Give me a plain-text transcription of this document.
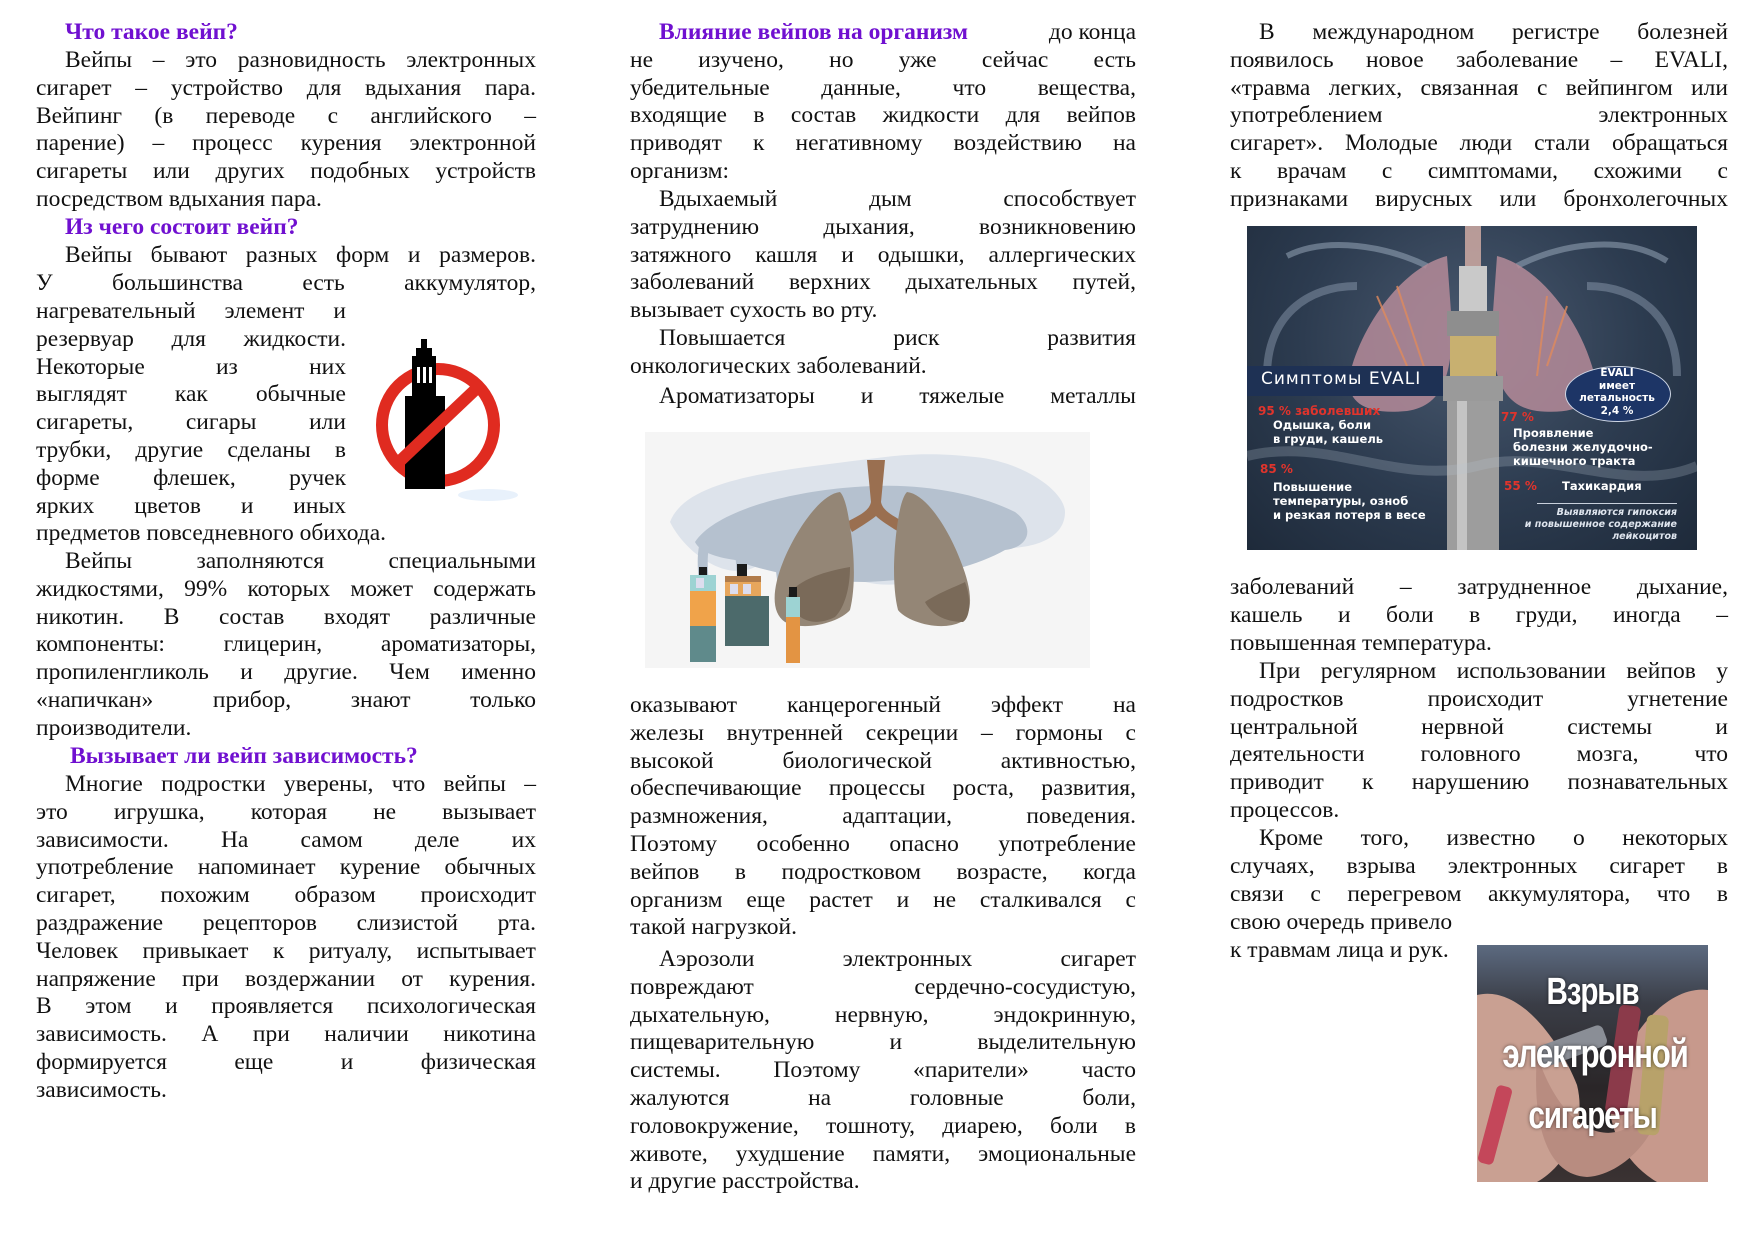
Что такое вейп?
Вейпы – это разновидность электронных
сигарет – устройство для вдыхания пара.
Вейпинг (в переводе с английского –
парение) – процесс курения электронной
сигареты или других подобных устройств
посредством вдыхания пара.
Из чего состоит вейп?
Вейпы бывают разных форм и размеров.
У	большинства	есть	аккумулятор,
нагревательный элемент и
резервуар для жидкости.
Некоторые	из	них
выглядят как обычные
сигареты, сигары или
трубки, другие сделаны в
форме флешек, ручек
ярких цветов и иных
предметов повседневного обихода.
Вейпы	заполняются	специальными
жидкостями, 99% которых может содержать
никотин. В состав входят различные
компоненты: глицерин, ароматизаторы,
пропиленгликоль и другие. Чем именно
«напичкан»	прибор,	знают	только
производители.
Вызывает ли вейп зависимость?
Многие подростки уверены, что вейпы –
это игрушка, которая не вызывает
зависимости. На самом деле их
употребление напоминает курение обычных
сигарет, похожим образом происходит
раздражение рецепторов слизистой рта.
Человек привыкает к ритуалу, испытывает
напряжение при воздержании от курения.
В этом и проявляется психологическая
зависимость. А при наличии никотина
формируется	еще	и	физическая
зависимость.
Влияние вейпов на организм	до конца
не изучено, но уже сейчас есть
убедительные данные, что вещества,
входящие в состав жидкости для вейпов
приводят к негативному воздействию на
организм:
Вдыхаемый	дым	способствует
затруднению	дыхания,	возникновению
затяжного кашля и одышки, аллергических
заболеваний верхних дыхательных путей,
вызывает сухость во рту.
Повышается	риск	развития
онкологических заболеваний.
Ароматизаторы и тяжелые металлы
оказывают канцерогенный эффект на
железы внутренней секреции – гормоны с
высокой	биологической	активностью,
обеспечивающие процессы роста, развития,
размножения,	адаптации,	поведения.
Поэтому особенно опасно употребление
вейпов в подростковом возрасте, когда
организм еще растет и не сталкивался с
такой нагрузкой.
Аэрозоли	электронных	сигарет
повреждают	сердечно-сосудистую,
дыхательную,	нервную,	эндокринную,
пищеварительную	и	выделительную
системы. Поэтому «парители» часто
жалуются	на	головные	боли,
головокружение, тошноту, диарею, боли в
животе, ухудшение памяти, эмоциональные
и другие расстройства.
В международном регистре болезней
появилось новое заболевание – EVALI,
«травма легких, связанная с вейпингом или
употреблением	электронных
сигарет». Молодые люди стали обращаться
к врачам с симптомами, схожими с
признаками вирусных или бронхолегочных
Симптомы EVALI	EVALI
имеет
летальность
2,4 %
95 % заболевших
Одышка, боли
в груди, кашель
85 %
Повышение
температуры, озноб
и резкая потеря в весе
77 %
Проявление
болезни желудочно-
кишечного тракта
55 % Тахикардия
Выявляются гипоксия
и повышенное содержание
лейкоцитов
заболеваний – затрудненное дыхание,
кашель и боли в груди, иногда –
повышенная температура.
При регулярном использовании вейпов у
подростков	происходит	угнетение
центральной	нервной	системы	и
деятельности головного мозга, что
приводит к нарушению познавательных
процессов.
Кроме того, известно о некоторых
случаях, взрыва электронных сигарет в
связи с перегревом аккумулятора, что в
свою очередь привело
к травмам лица и рук.
Взрыв
электронной
сигареты
